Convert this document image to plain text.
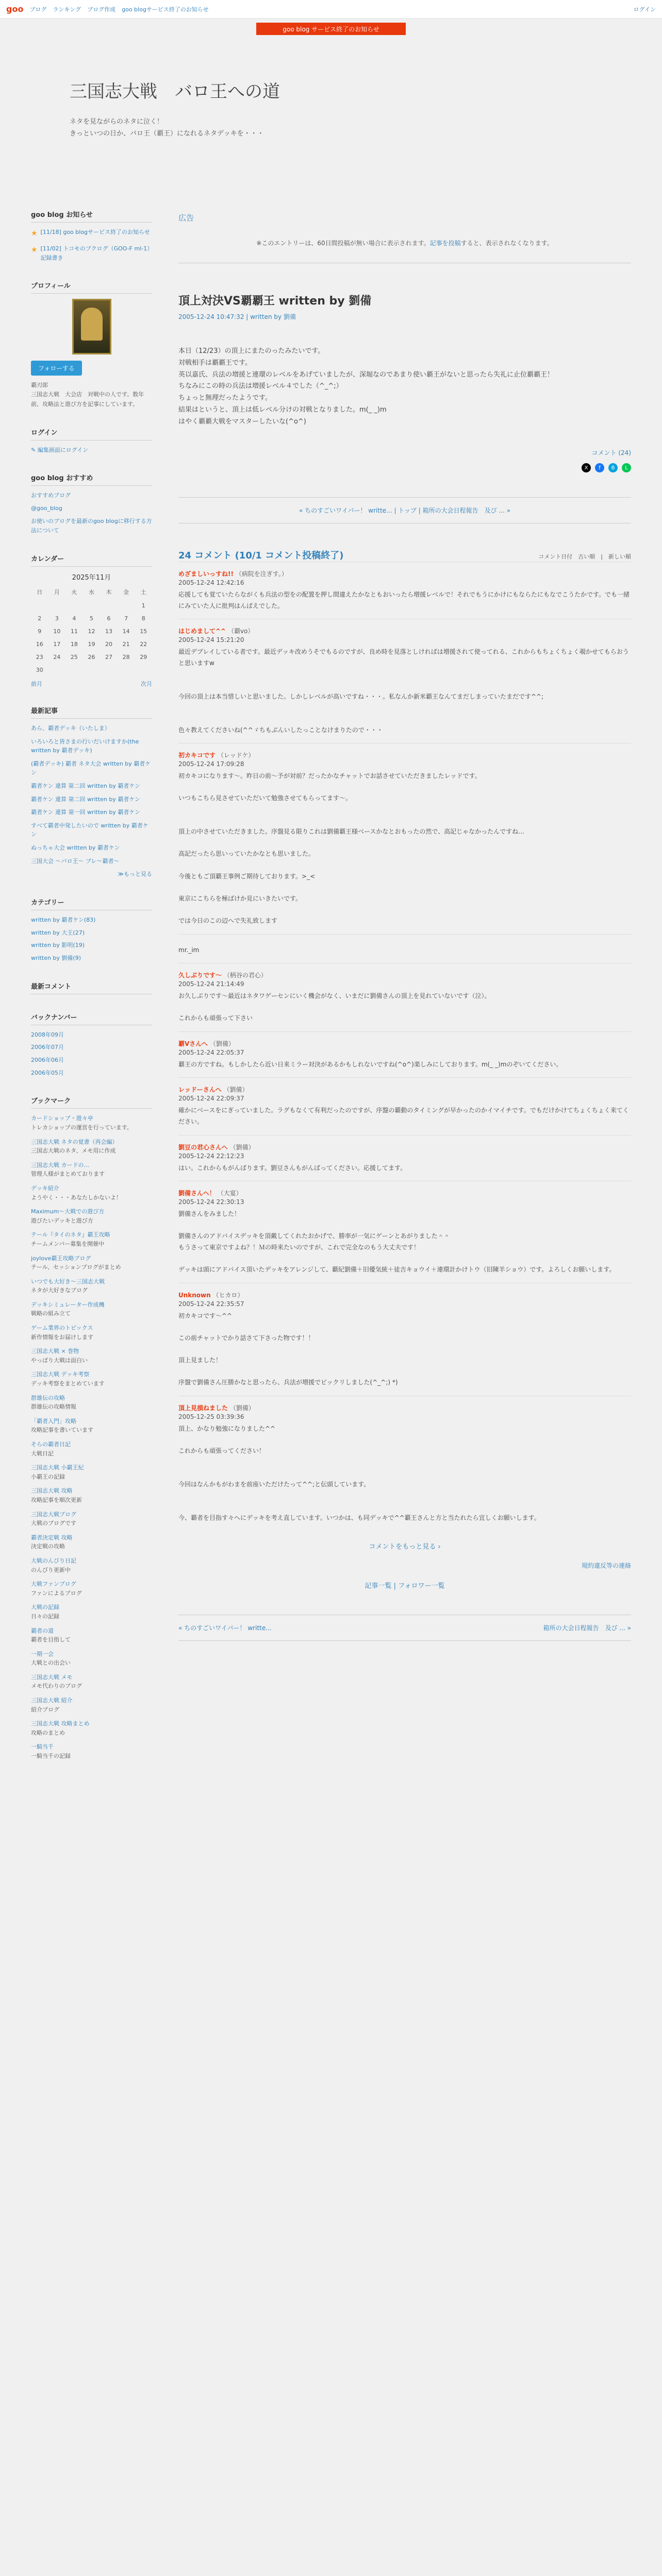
goo ブログ ランキング ブログ作成 goo blogサービス終了のお知らせ	ログイン
goo blog サービス終了のお知らせ
三国志大戦　バロ王への道

ネタを見ながらのネタに泣く！

きっといつの日か、バロ王（覇王）になれるネタデッキを・・・

goo blog お知らせ
★ [11/18] goo blogサービス終了のお知らせ
★ [11/02] トコモのブクログ（GOO-F ml-1）記録書き
プロフィール
フォローする
覇刃郎
三国志大戦　大会店　対戦中の人です。数年前、攻略法と遊び方を記事にしています。
ログイン
✎ 編集画面にログイン
goo blog おすすめ
おすすめブログ
@goo_blog
お使いのブログを最新のgoo blogに移行する方法について
カレンダー
2025年11月
日	月	火	水	木	金	土
						1
2	3	4	5	6	7	8
9	10	11	12	13	14	15
16	17	18	19	20	21	22
23	24	25	26	27	28	29
30						
前月	次月
最新記事
あら、覇者デッキ（いたしま）
いろいろと皆さまの行いだいけますか(the written by 覇者デッキ)
(覇者デッキ) 覇者 ネタ大会 written by 覇者ケン
覇者ケン 違算 第二回 written by 覇者ケン
覇者ケン 違算 第二回 written by 覇者ケン
覇者ケン 違算 第一回 written by 覇者ケン
すべて覇者中発したいので written by 覇者ケン
ぬっちゃ大会 written by 覇者ケン
三国大会 ～バロ王～ ブレ～覇者～
≫もっと見る
カテゴリー
written by 覇者ケン(83)
written by 大王(27)
written by 影明(19)
written by 劉備(9)
最新コメント
バックナンバー
2008年09月
2006年07月
2006年06月
2006年05月
ブックマーク
カードショップ・遊々亭
トレカショップの運営を行っています。
三国志大戦 ネタの覚書（再会編）
三国志大戦のネタ、メモ用に作成
三国志大戦 カードの...
管理人様がまとめております
デッキ紹介
ようやく・・・あなたしかないよ！
Maximum〜大戦での遊び方
遊びたいデッキと遊び方
テール『タイのネタ』覇王攻略
チームメンバー募集を開催中
joylove覇王攻略ブログ
テール、セッションブログがまとめ
いつでも大好き〜三国志大戦
ネタが大好きなブログ
デッキシミュレーター作成機
戦略の組み立て
ゲーム業界のトピックス
新作情報をお届けします
三国志大戦 × 巻物
やっぱり大戦は面白い
三国志大戦 デッキ考察
デッキ考察をまとめています
群雄伝の攻略
群雄伝の攻略情報
「覇者入門」攻略
攻略記事を書いています
そらの覇者日記
大戦日記
三国志大戦 小覇王紀
小覇王の記録
三国志大戦 攻略
攻略記事を順次更新
三国志大戦ブログ
大戦のブログです
覇者決定戦 攻略
決定戦の攻略
大戦のんびり日記
のんびり更新中
大戦ファンブログ
ファンによるブログ
大戦の記録
日々の記録
覇者の道
覇者を目指して
一期一会
大戦との出会い
三国志大戦 メモ
メモ代わりのブログ
三国志大戦 紹介
紹介ブログ
三国志大戦 攻略まとめ
攻略のまとめ
一騎当千
一騎当千の記録
広告
※このエントリーは、60日間投稿が無い場合に表示されます。記事を投稿すると、表示されなくなります。
頂上対決VS覇覇王 written by 劉備
2005-12-24 10:47:32 | written by 劉備

本日（12/23）の頂上にまたのったみたいです。

対戦相手は覇覇王です。

英以嘉氏、兵法の増援と連環のレベルをあげていましたが、深堀なのであまり使い覇王がないと思ったら失礼に止位覇覇王！

ちなみにこの時の兵法は増援レベル４でした（^_^;）

ちょっと無理だったようです。

結果はというと、頂上は低レベル分けの対戦となりました。m(_ _)m

はやく覇覇大戦をマスターしたいな(^o^)

コメント (24)
X	f	B	L
« ちのすごいワイパー！ writte... | トップ | 箱所の大会日程報告　及び ... »
24 コメント (10/1 コメント投稿終了)	コメント日付　古い順　|　新しい順
めざましいっすね!! （病院を注ぎす。）
2005-12-24 12:42:16
応援しても覚ていたらながくも兵法の型をの配置を押し間違えたかなともおいったら増援レベルで！それでもうにかけにもならたにもなでこうたかです。でも一緒にみていた人に批判はんばえでした。
はじめまして^^ （覇vo）
2005-12-24 15:21:20
最近デプレイしている者です。最近デッキ改めうそでもるのですが、良め時を見落としければは増援されて使ってれる、これからもちょくちょく覗かせてもらおうと思いますw

今回の頂上は本当惜しいと思いました。しかしレベルが高いですね・・・。私なんか新米覇王なんてまだしまっていたまだです^^;

色々教えてくださいね(^^ゞちもぶんいしたっことなけまりたので・・・
初カキコです （レッドケ）
2005-12-24 17:09:28
初カキコになります〜。昨日の前〜予が対前？だったかなチャットでお話させていただきましたレッドです。

いつもこちら見させていただいて勉強させてもらってます〜。

頂上の中させていただきました。序盤見る限りこれは劉備覇王様ベースかなとおもったの然で、高記じゃなかったんですね…

高記だったら思いっていたかなとも思いました。

今後ともご頂覇王事例ご期待しております。>_<

東京にこちらを極ばけか見にいきたいです。

では今日のこの辺へで失礼致します
mr._im
久しぶりです〜 （柄谷の君心）
2005-12-24 21:14:49
お久しぶりです〜最近はネタワゲーセンにいく機会がなく、いまだに劉備さんの頂上を見れていないです（泣）。

これからも頑張って下さい
覇Vさんへ （劉備）
2005-12-24 22:05:37
覇王の方ですね。もしかしたら近い日来ミラー対決があるかもしれないですね(^o^)楽しみにしております。m(_ _)mのぞいてください。
レッドーさんへ （劉備）
2005-12-24 22:09:37
確かにベースをにぎっていました。ラグもなくて有利だったのですが、序盤の覇動のタイミングが早かったのかイマイチです。でもだけかけてちょくちょく来てください。
劉豆の君心さんへ （劉備）
2005-12-24 22:12:23
はい。これからもがんばります。劉豆さんもがんばってください。応援してます。
劉備さんへ！ （大宴）
2005-12-24 22:30:13
劉備さんをみました！

劉備さんのアドバイスデッキを頂戴してくれたおかげで、勝率が一気にゲーンとあがりました＾＾
もうさって東京ですよね？！Ｍの時来たいのですが、これで完全なのもう大丈夫です！

デッキは頭にアドバイス頂いたデッキをアレンジして、覇紀劉備＋旧優気統＋徒吉キョウイ＋連環計かけトウ（旧陳羊ショウ）です。よろしくお願いします。
Unknown （ヒカロ）
2005-12-24 22:35:57
初カキコです〜^^

この前チャットでかり話さて下さった物です！！

頂上見ました！

序盤で劉備さん圧勝かなと思ったら、兵法が増援でビックリしました(^_^;) *)
頂上見損ねました （劉備）
2005-12-25 03:39:36
頂上、かなり勉強になりました^^

これからも頑張ってください！

今回はなんかもがわまを前座いただけたって^^;と伝頭しています。

今、覇者を目指す々へにデッキを考え直しています。いつかは、も同デッキで^^覇王さんと方と当たれたら宜しくお願いします。
コメントをもっと見る ›
規約違反等の連絡
記事一覧 | フォロワー一覧
« ちのすごいワイパー！ writte...	箱所の大会日程報告　及び ... »
